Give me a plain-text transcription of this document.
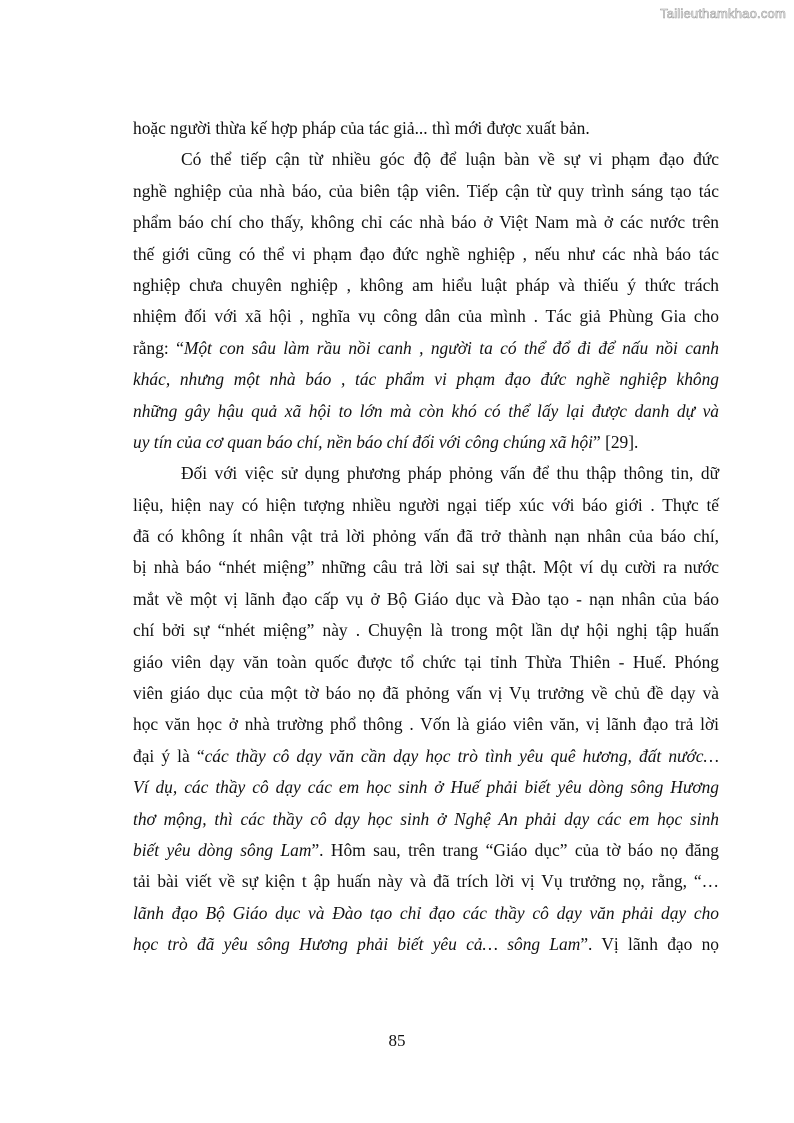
Tailieuthamkhao.com
hoặc người thừa kế hợp pháp của tác giả... thì mới được xuất bản.
Có thể tiếp cận từ nhiều góc độ để luận bàn về sự vi phạm đạo đức
nghề nghiệp của nhà báo, của biên tập viên. Tiếp cận từ quy trình sáng tạo tác
phẩm báo chí cho thấy, không chỉ các nhà báo ở Việt Nam mà ở các nước trên
thế giới cũng có thể vi phạm đạo đức nghề nghiệp , nếu như các nhà báo tác
nghiệp chưa chuyên nghiệp , không am hiểu luật pháp và thiếu ý thức trách
nhiệm đối với xã hội , nghĩa vụ công dân của mình . Tác giả Phùng Gia cho
rằng: “Một con sâu làm rầu nồi canh , người ta có thể đổ đi để nấu nồi canh
khác, nhưng một nhà báo , tác phẩm vi phạm đạo đức nghề nghiệp không
những gây hậu quả xã hội to lớn mà còn khó có thể lấy lại được danh dự và
uy tín của cơ quan báo chí, nền báo chí đối với công chúng xã hội” [29].
Đối với việc sử dụng phương pháp phỏng vấn để thu thập thông tin, dữ
liệu, hiện nay có hiện tượng nhiều người ngại tiếp xúc với báo giới . Thực tế
đã có không ít nhân vật trả lời phỏng vấn đã trở thành nạn nhân của báo chí,
bị nhà báo “nhét miệng” những câu trả lời sai sự thật. Một ví dụ cười ra nước
mắt về một vị lãnh đạo cấp vụ ở Bộ Giáo dục và Đào tạo - nạn nhân của báo
chí bởi sự “nhét miệng” này . Chuyện là trong một lần dự hội nghị tập huấn
giáo viên dạy văn toàn quốc được tổ chức tại tỉnh Thừa Thiên - Huế. Phóng
viên giáo dục của một tờ báo nọ đã phỏng vấn vị Vụ trưởng về chủ đề dạy và
học văn học ở nhà trường phổ thông . Vốn là giáo viên văn, vị lãnh đạo trả lời
đại ý là “các thầy cô dạy văn cần dạy học trò tình yêu quê hương, đất nước…
Ví dụ, các thầy cô dạy các em học sinh ở Huế phải biết yêu dòng sông Hương
thơ mộng, thì các thầy cô dạy học sinh ở Nghệ An phải dạy các em học sinh
biết yêu dòng sông Lam”. Hôm sau, trên trang “Giáo dục” của tờ báo nọ đăng
tải bài viết về sự kiện t ập huấn này và đã trích lời vị Vụ trưởng nọ, rằng, “…
lãnh đạo Bộ Giáo dục và Đào tạo chỉ đạo các thầy cô dạy văn phải dạy cho
học trò đã yêu sông Hương phải biết yêu cả… sông Lam”. Vị lãnh đạo nọ
85
